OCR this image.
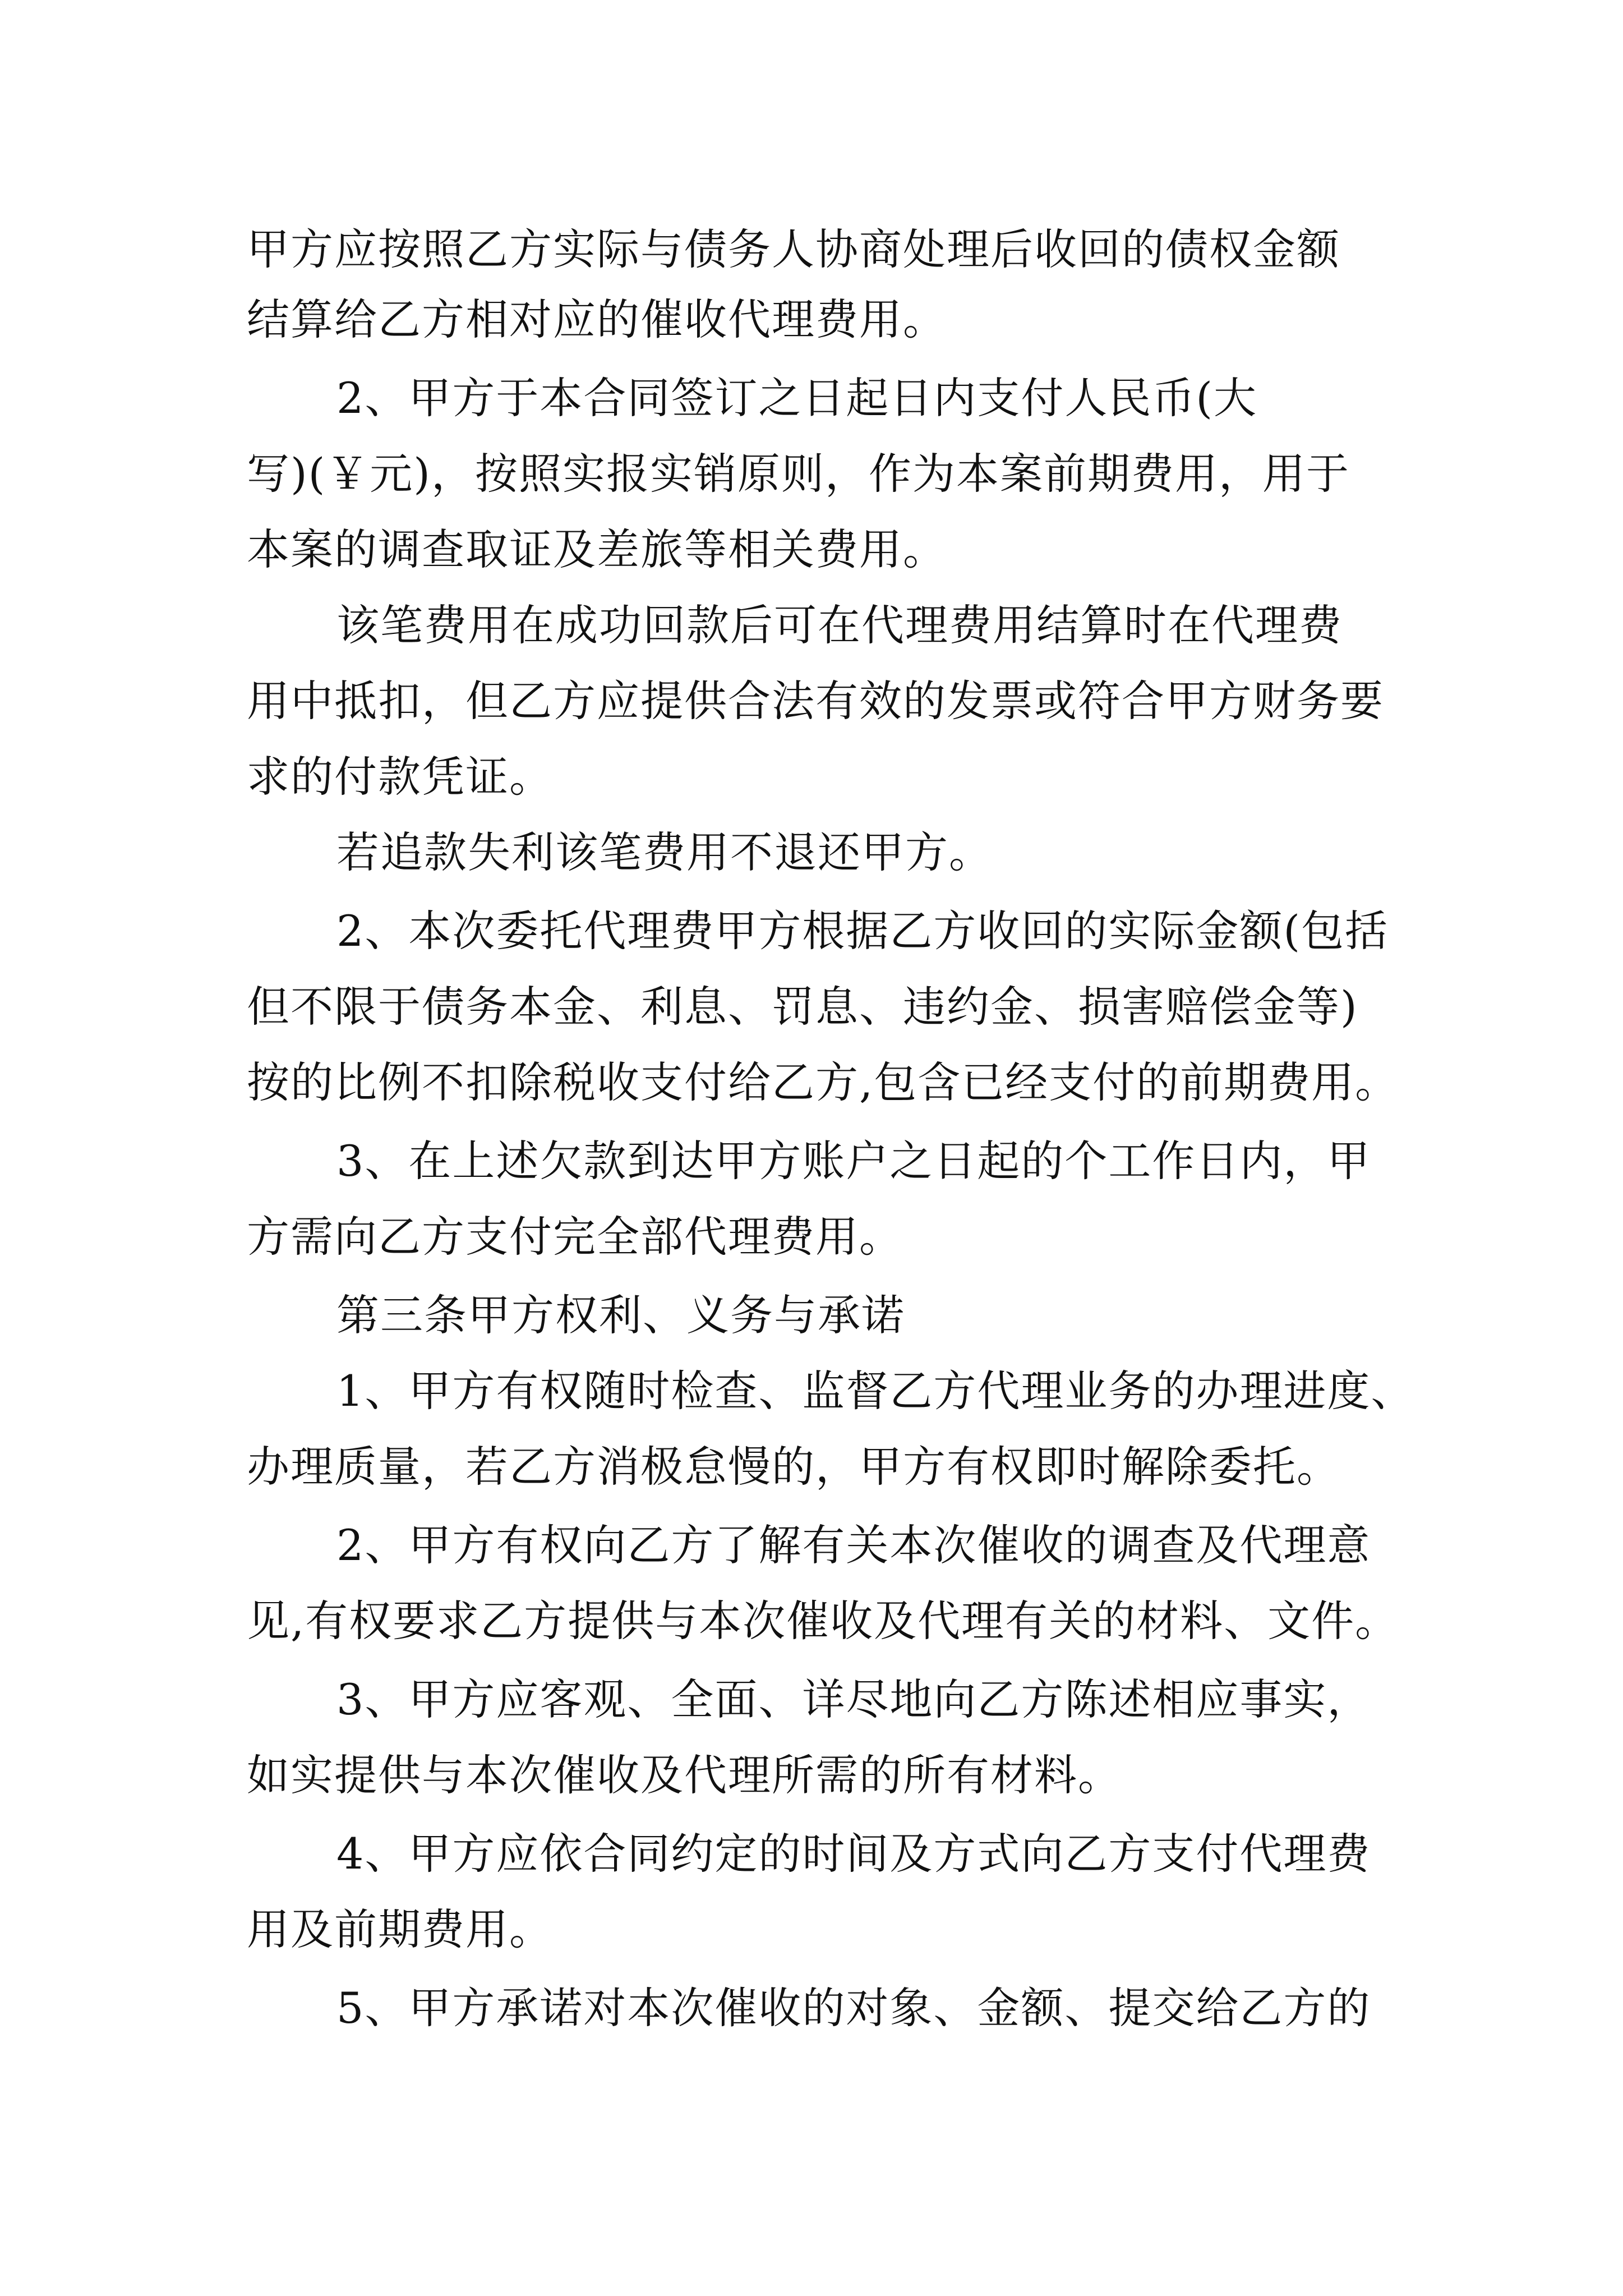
甲方应按照乙方实际与债务人协商处理后收回的债权金额
结算给乙方相对应的催收代理费用。
2、甲方于本合同签订之日起日内支付人民币(大
写)(￥元)，按照实报实销原则，作为本案前期费用，用于
本案的调查取证及差旅等相关费用。
该笔费用在成功回款后可在代理费用结算时在代理费
用中抵扣，但乙方应提供合法有效的发票或符合甲方财务要
求的付款凭证。
若追款失利该笔费用不退还甲方。
2、本次委托代理费甲方根据乙方收回的实际金额(包括
但不限于债务本金、利息、罚息、违约金、损害赔偿金等)
按的比例不扣除税收支付给乙方,包含已经支付的前期费用。
3、在上述欠款到达甲方账户之日起的个工作日内，甲
方需向乙方支付完全部代理费用。
第三条甲方权利、义务与承诺
1、甲方有权随时检查、监督乙方代理业务的办理进度、
办理质量，若乙方消极怠慢的，甲方有权即时解除委托。
2、甲方有权向乙方了解有关本次催收的调查及代理意
见,有权要求乙方提供与本次催收及代理有关的材料、文件。
3、甲方应客观、全面、详尽地向乙方陈述相应事实，
如实提供与本次催收及代理所需的所有材料。
4、甲方应依合同约定的时间及方式向乙方支付代理费
用及前期费用。
5、甲方承诺对本次催收的对象、金额、提交给乙方的
